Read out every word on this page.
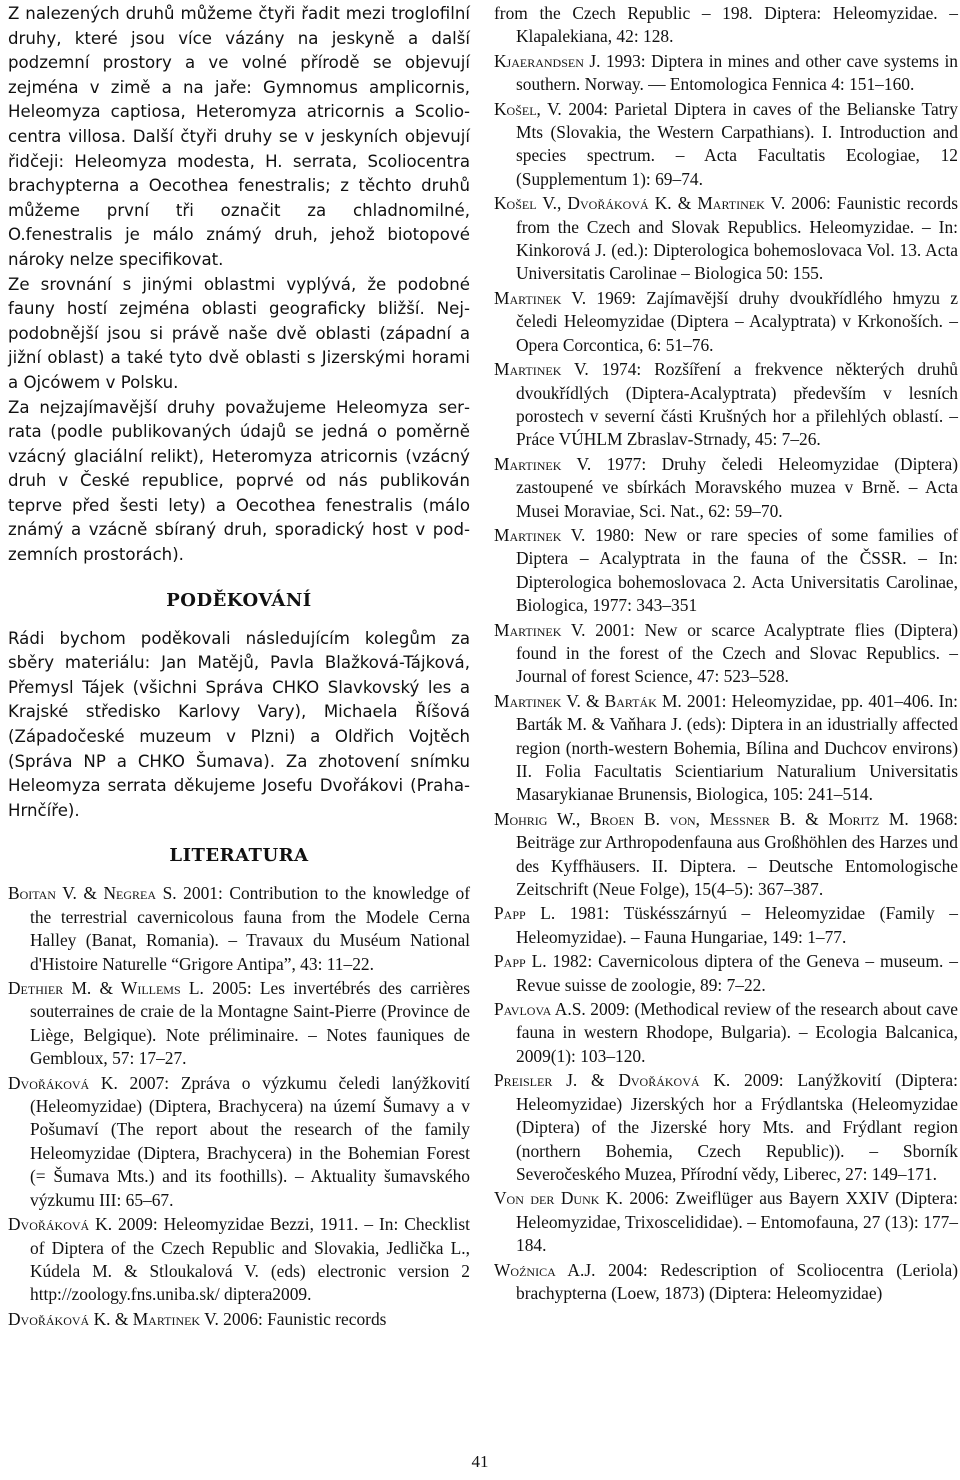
Z nalezených druhů můžeme čtyři řadit mezi troglofilní druhy, které jsou více vázány na jeskyně a další podzemní prostory a ve volné přírodě se objevují zejména v zimě a na jaře: Gymnomus amplicornis, Heleomyza captiosa, Heteromyza atricornis a Scoliocentra villosa. Další čtyři druhy se v jeskyních objevují řidčeji: Heleomyza modesta, H. serrata, Scoliocentra brachypterna a Oecothea fenestralis; z těchto druhů můžeme první tři označit za chladnomilné, O.fenestralis je málo známý druh, jehož biotopové nároky nelze specifikovat.

Ze srovnání s jinými oblastmi vyplývá, že podobné fauny hostí zejména oblasti geograficky bližší. Nejpodobnější jsou si právě naše dvě oblasti (západní a jižní oblast) a také tyto dvě oblasti s Jizerskými horami a Ojcówem v Polsku.

Za nejzajímavější druhy považujeme Heleomyza serrata (podle publikovaných údajů se jedná o poměrně vzácný glaciální relikt), Heteromyza atricornis (vzácný druh v České republice, poprvé od nás publikován teprve před šesti lety) a Oecothea fenestralis (málo známý a vzácně sbíraný druh, sporadický host v podzemních prostorách).

PODĚKOVÁNÍ

Rádi bychom poděkovali následujícím kolegům za sběry materiálu: Jan Matějů, Pavla Blažková-Tájková, Přemysl Tájek (všichni Správa CHKO Slavkovský les a Krajské středisko Karlovy Vary), Michaela Říšová (Západočeské muzeum v Plzni) a Oldřich Vojtěch (Správa NP a CHKO Šumava). Za zhotovení snímku Heleomyza serrata děkujeme Josefu Dvořákovi (Praha-Hrnčíře).

LITERATURA

Boitan V. & Negrea S. 2001: Contribution to the knowledge of the terrestrial cavernicolous fauna from the Modele Cerna Halley (Banat, Romania). – Travaux du Muséum National d'Histoire Naturelle “Grigore Antipa”, 43: 11–22.

Dethier M. & Willems L. 2005: Les invertébrés des carrières souterraines de craie de la Montagne Saint-Pierre (Province de Liège, Belgique). Note préliminaire. – Notes fauniques de Gembloux, 57: 17–27.

Dvořáková K. 2007: Zpráva o výzkumu čeledi lanýžkovití (Heleomyzidae) (Diptera, Brachycera) na území Šumavy a v Pošumaví (The report about the research of the family Heleomyzidae (Diptera, Brachycera) in the Bohemian Forest (= Šumava Mts.) and its foothills). – Aktuality šumavského výzkumu III: 65–67.

Dvořáková K. 2009: Heleomyzidae Bezzi, 1911. – In: Checklist of Diptera of the Czech Republic and Slovakia, Jedlička L., Kúdela M. & Stloukalová V. (eds) electronic version 2 http://zoology.fns.uniba.sk/ diptera2009.

Dvořáková K. & Martinek V. 2006: Faunistic records

from the Czech Republic – 198. Diptera: Heleomyzidae. – Klapalekiana, 42: 128.

Kjaerandsen J. 1993: Diptera in mines and other cave systems in southern. Norway. –– Entomologica Fennica 4: 151–160.

Košel, V. 2004: Parietal Diptera in caves of the Belianske Tatry Mts (Slovakia, the Western Carpathians). I. Introduction and species spectrum. – Acta Facultatis Ecologiae, 12 (Supplementum 1): 69–74.

Košel V., Dvořáková K. & Martinek V. 2006: Faunistic records from the Czech and Slovak Republics. Heleomyzidae. – In: Kinkorová J. (ed.): Dipterologica bohemoslovaca Vol. 13. Acta Universitatis Carolinae – Biologica 50: 155.

Martinek V. 1969: Zajímavější druhy dvoukřídlého hmyzu z čeledi Heleomyzidae (Diptera – Acalyptrata) v Krkonoších. – Opera Corcontica, 6: 51–76.

Martinek V. 1974: Rozšíření a frekvence některých druhů dvoukřídlých (Diptera-Acalyptrata) především v lesních porostech v severní části Krušných hor a přilehlých oblastí. – Práce VÚHLM Zbraslav-Strnady, 45: 7–26.

Martinek V. 1977: Druhy čeledi Heleomyzidae (Diptera) zastoupené ve sbírkách Moravského muzea v Brně. – Acta Musei Moraviae, Sci. Nat., 62: 59–70.

Martinek V. 1980: New or rare species of some families of Diptera – Acalyptrata in the fauna of the ČSSR. – In: Dipterologica bohemoslovaca 2. Acta Universitatis Carolinae, Biologica, 1977: 343–351

Martinek V. 2001: New or scarce Acalyptrate flies (Diptera) found in the forest of the Czech and Slovac Republics. – Journal of forest Science, 47: 523–528.

Martinek V. & Barták M. 2001: Heleomyzidae, pp. 401–406. In: Barták M. & Vaňhara J. (eds): Diptera in an idustrially affected region (north-western Bohemia, Bílina and Duchcov environs) II. Folia Facultatis Scientiarium Naturalium Universitatis Masarykianae Brunensis, Biologica, 105: 241–514.

Mohrig W., Broen B. von, Messner B. & Moritz M. 1968: Beiträge zur Arthropodenfauna aus Großhöhlen des Harzes und des Kyffhäusers. II. Diptera. – Deutsche Entomologische Zeitschrift (Neue Folge), 15(4–5): 367–387.

Papp L. 1981: Tüskésszárnyú – Heleomyzidae (Family – Heleomyzidae). – Fauna Hungariae, 149: 1–77.

Papp L. 1982: Cavernicolous diptera of the Geneva – museum. – Revue suisse de zoologie, 89: 7–22.

Pavlova A.S. 2009: (Methodical review of the research about cave fauna in western Rhodope, Bulgaria). – Ecologia Balcanica, 2009(1): 103–120.

Preisler J. & Dvořáková K. 2009: Lanýžkovití (Diptera: Heleomyzidae) Jizerských hor a Frýdlantska (Heleomyzidae (Diptera) of the Jizerské hory Mts. and Frýdlant region (northern Bohemia, Czech Republic)). – Sborník Severočeského Muzea, Přírodní vědy, Liberec, 27: 149–171.

Von der Dunk K. 2006: Zweiflüger aus Bayern XXIV (Diptera: Heleomyzidae, Trixoscelididae). – Entomofauna, 27 (13): 177–184.

Woźnica A.J. 2004: Redescription of Scoliocentra (Leriola) brachypterna (Loew, 1873) (Diptera: Heleomyzidae)

41
